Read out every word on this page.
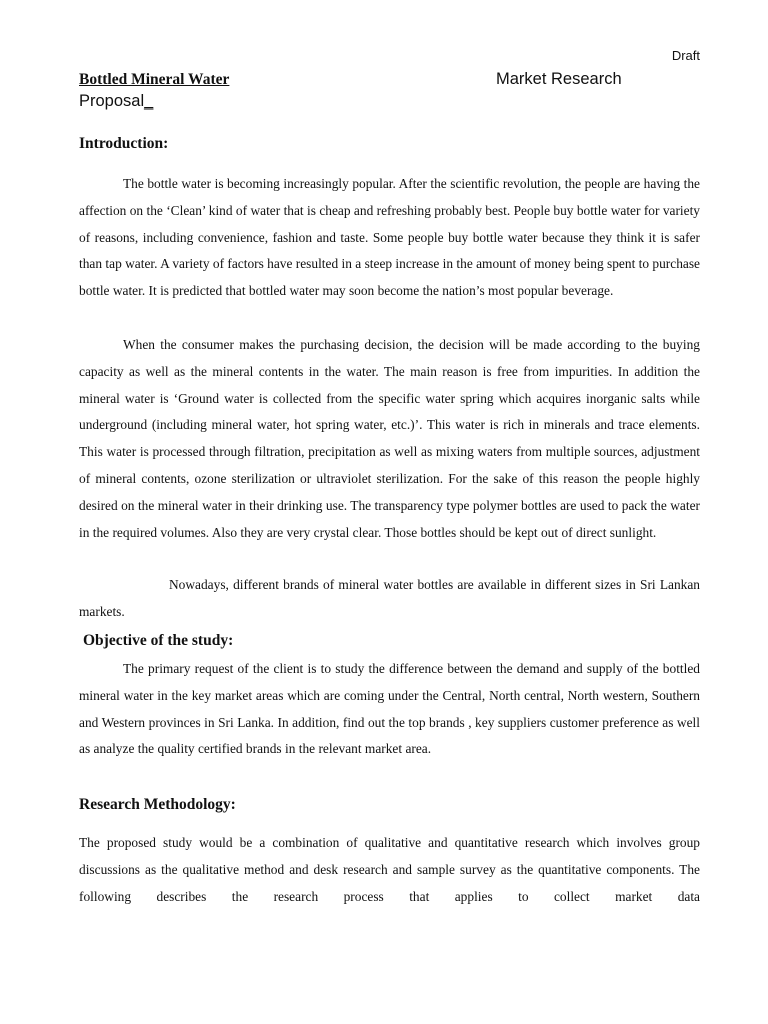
Draft
Bottled Mineral Water	Market Research
Proposal_
Introduction:

The bottle water is becoming increasingly popular. After the scientific revolution, the people are having the affection on the ‘Clean’ kind of water that is cheap and refreshing probably best. People buy bottle water for variety of reasons, including convenience, fashion and taste. Some people buy bottle water because they think it is safer than tap water. A variety of factors have resulted in a steep increase in the amount of money being spent to purchase bottle water. It is predicted that bottled water may soon become the nation’s most popular beverage.

When the consumer makes the purchasing decision, the decision will be made according to the buying capacity as well as the mineral contents in the water. The main reason is free from impurities. In addition the mineral water is ‘Ground water is collected from the specific water spring which acquires inorganic salts while underground (including mineral water, hot spring water, etc.)’. This water is rich in minerals and trace elements. This water is processed through filtration, precipitation as well as mixing waters from multiple sources, adjustment of mineral contents, ozone sterilization or ultraviolet sterilization. For the sake of this reason the people highly desired on the mineral water in their drinking use. The transparency type polymer bottles are used to pack the water in the required volumes. Also they are very crystal clear. Those bottles should be kept out of direct sunlight.

Nowadays, different brands of mineral water bottles are available in different sizes in Sri Lankan markets.

Objective of the study:

The primary request of the client is to study the difference between the demand and supply of the bottled mineral water in the key market areas which are coming under the Central, North central, North western, Southern and Western provinces in Sri Lanka. In addition, find out the top brands , key suppliers customer preference as well as analyze the quality certified brands in the relevant market area.

Research Methodology:

The proposed study would be a combination of qualitative and quantitative research which involves group discussions as the qualitative method and desk research and sample survey as the quantitative components. The following describes the research process that applies to collect market data
